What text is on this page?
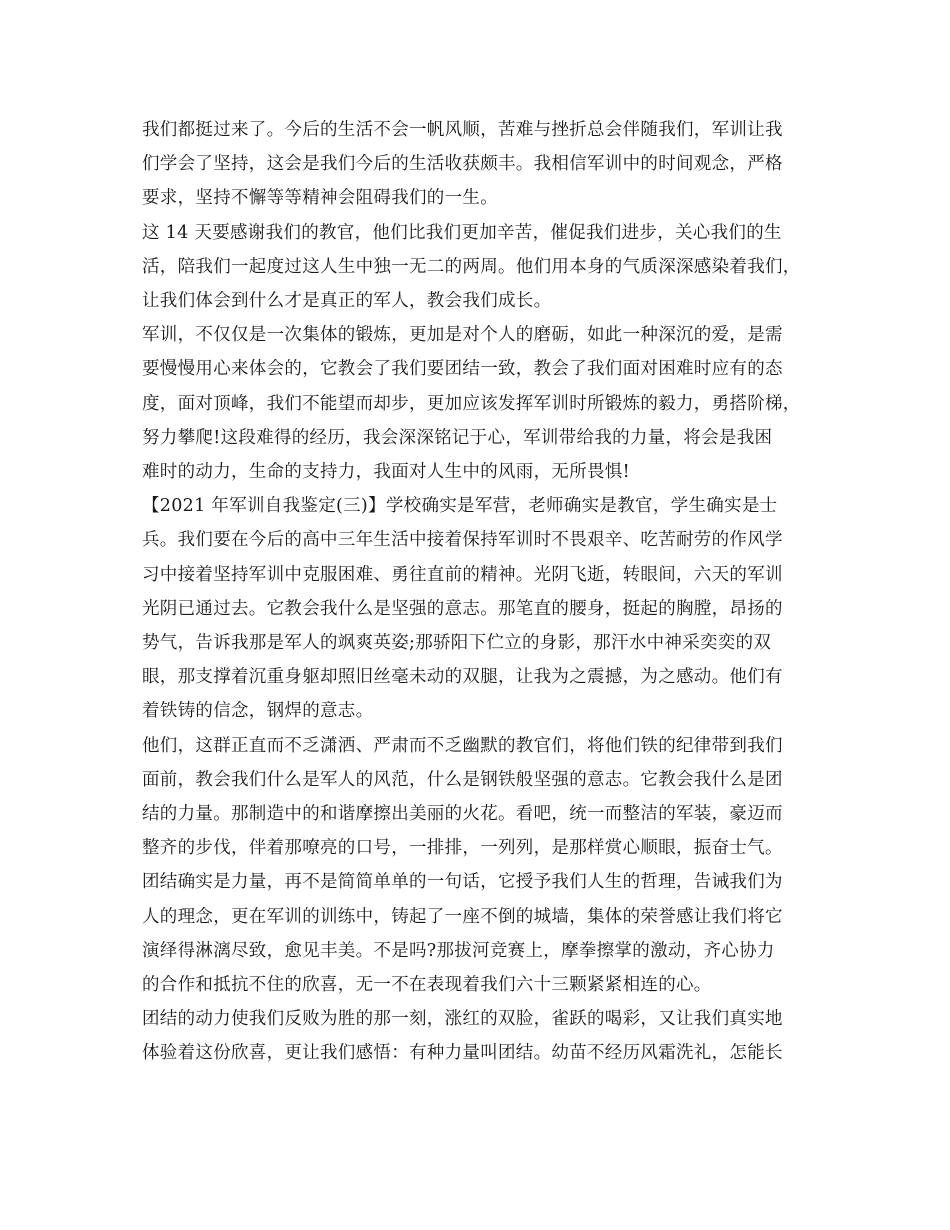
我们都挺过来了。今后的生活不会一帆风顺，苦难与挫折总会伴随我们，军训让我
们学会了坚持，这会是我们今后的生活收获颇丰。我相信军训中的时间观念，严格
要求，坚持不懈等等精神会阻碍我们的一生。
这 14 天要感谢我们的教官，他们比我们更加辛苦，催促我们进步，关心我们的生
活，陪我们一起度过这人生中独一无二的两周。他们用本身的气质深深感染着我们，
让我们体会到什么才是真正的军人，教会我们成长。
军训，不仅仅是一次集体的锻炼，更加是对个人的磨砺，如此一种深沉的爱，是需
要慢慢用心来体会的，它教会了我们要团结一致，教会了我们面对困难时应有的态
度，面对顶峰，我们不能望而却步，更加应该发挥军训时所锻炼的毅力，勇搭阶梯，
努力攀爬!这段难得的经历，我会深深铭记于心，军训带给我的力量，将会是我困
难时的动力，生命的支持力，我面对人生中的风雨，无所畏惧!
【2021 年军训自我鉴定(三)】学校确实是军营，老师确实是教官，学生确实是士
兵。我们要在今后的高中三年生活中接着保持军训时不畏艰辛、吃苦耐劳的作风学
习中接着坚持军训中克服困难、勇往直前的精神。光阴飞逝，转眼间，六天的军训
光阴已通过去。它教会我什么是坚强的意志。那笔直的腰身，挺起的胸膛，昂扬的
势气，告诉我那是军人的飒爽英姿;那骄阳下伫立的身影，那汗水中神采奕奕的双
眼，那支撑着沉重身躯却照旧丝毫未动的双腿，让我为之震撼，为之感动。他们有
着铁铸的信念，钢焊的意志。
他们，这群正直而不乏潇洒、严肃而不乏幽默的教官们，将他们铁的纪律带到我们
面前，教会我们什么是军人的风范，什么是钢铁般坚强的意志。它教会我什么是团
结的力量。那制造中的和谐摩擦出美丽的火花。看吧，统一而整洁的军装，豪迈而
整齐的步伐，伴着那嘹亮的口号，一排排，一列列，是那样赏心顺眼，振奋士气。
团结确实是力量，再不是简简单单的一句话，它授予我们人生的哲理，告诫我们为
人的理念，更在军训的训练中，铸起了一座不倒的城墙，集体的荣誉感让我们将它
演绎得淋漓尽致，愈见丰美。不是吗?那拔河竞赛上，摩拳擦掌的激动，齐心协力
的合作和抵抗不住的欣喜，无一不在表现着我们六十三颗紧紧相连的心。
团结的动力使我们反败为胜的那一刻，涨红的双脸，雀跃的喝彩，又让我们真实地
体验着这份欣喜，更让我们感悟：有种力量叫团结。幼苗不经历风霜洗礼，怎能长
